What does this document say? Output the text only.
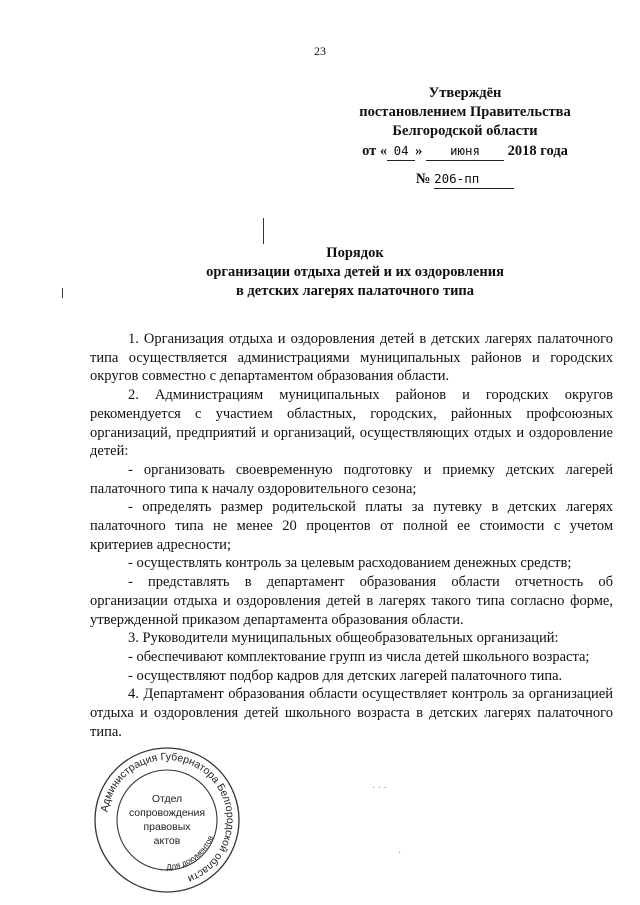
23
Утверждён
постановлением Правительства
Белгородской области
от « 04 » июня 2018 года
№ 206-пп
Порядок
организации отдыха детей и их оздоровления
в детских лагерях палаточного типа

1. Организация отдыха и оздоровления детей в детских лагерях палаточного типа осуществляется администрациями муниципальных районов и городских округов совместно с департаментом образования области.

2. Администрациям муниципальных районов и городских округов рекомендуется с участием областных, городских, районных профсоюзных организаций, предприятий и организаций, осуществляющих отдых и оздоровление детей:

- организовать своевременную подготовку и приемку детских лагерей палаточного типа к началу оздоровительного сезона;

- определять размер родительской платы за путевку в детских лагерях палаточного типа не менее 20 процентов от полной ее стоимости с учетом критериев адресности;

- осуществлять контроль за целевым расходованием денежных средств;

- представлять в департамент образования области отчетность об организации отдыха и оздоровления детей в лагерях такого типа согласно форме, утвержденной приказом департамента образования области.

3. Руководители муниципальных общеобразовательных организаций:

- обеспечивают комплектование групп из числа детей школьного возраста;

- осуществляют подбор кадров для детских лагерей палаточного типа.

4. Департамент образования области осуществляет контроль за организацией отдыха и оздоровления детей школьного возраста в детских лагерях палаточного типа.

· · ·
·
Администрация Губернатора Белгородской области
Для документов
Отдел
сопровождения
правовых
актов
